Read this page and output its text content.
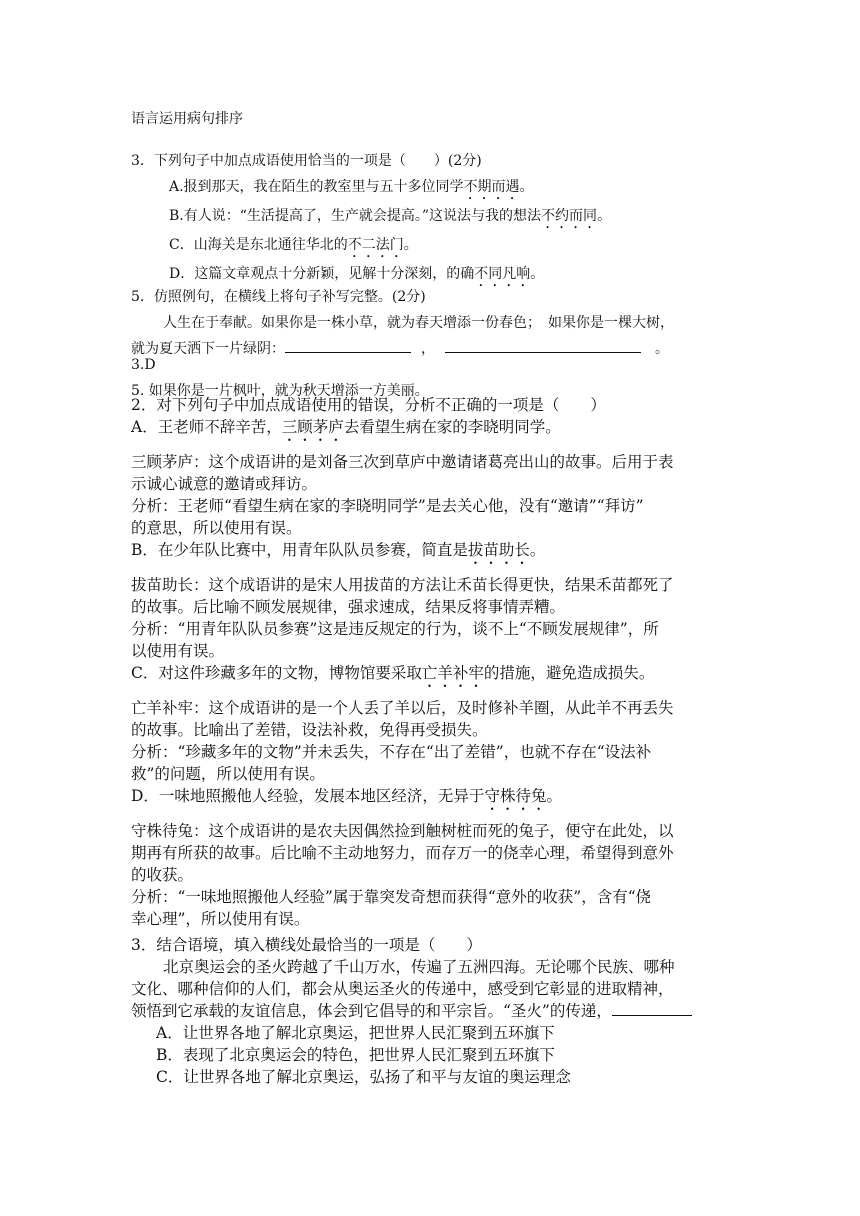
语言运用病句排序
3．下列句子中加点成语使用恰当的一项是（　　）(2分)
A.报到那天，我在陌生的教室里与五十多位同学不期而遇。
B.有人说：“生活提高了，生产就会提高。”这说法与我的想法不约而同。
C．山海关是东北通往华北的不二法门。
D．这篇文章观点十分新颖，见解十分深刻，的确不同凡响。
5．仿照例句，在横线上将句子补写完整。(2分)
人生在于奉献。如果你是一株小草，就为春天增添一份春色；　如果你是一棵大树，
就为夏天洒下一片绿阴：	，	。
3.D
5. 如果你是一片枫叶，就为秋天增添一方美丽。
2．对下列句子中加点成语使用的错误，分析不正确的一项是（　　）
A．王老师不辞辛苦，三顾茅庐去看望生病在家的李晓明同学。
三顾茅庐：这个成语讲的是刘备三次到草庐中邀请诸葛亮出山的故事。后用于表
示诚心诚意的邀请或拜访。
分析：王老师“看望生病在家的李晓明同学”是去关心他，没有“邀请”“拜访”
的意思，所以使用有误。
B．在少年队比赛中，用青年队队员参赛，简直是拔苗助长。
拔苗助长：这个成语讲的是宋人用拔苗的方法让禾苗长得更快，结果禾苗都死了
的故事。后比喻不顾发展规律，强求速成，结果反将事情弄糟。
分析：“用青年队队员参赛”这是违反规定的行为，谈不上“不顾发展规律”，所
以使用有误。
C．对这件珍藏多年的文物，博物馆要采取亡羊补牢的措施，避免造成损失。
亡羊补牢：这个成语讲的是一个人丢了羊以后，及时修补羊圈，从此羊不再丢失
的故事。比喻出了差错，设法补救，免得再受损失。
分析：“珍藏多年的文物”并未丢失，不存在“出了差错”，也就不存在“设法补
救”的问题，所以使用有误。
D．一味地照搬他人经验，发展本地区经济，无异于守株待兔。
守株待兔：这个成语讲的是农夫因偶然捡到触树桩而死的兔子，便守在此处，以
期再有所获的故事。后比喻不主动地努力，而存万一的侥幸心理，希望得到意外
的收获。
分析：“一味地照搬他人经验”属于靠突发奇想而获得“意外的收获”，含有“侥
幸心理”，所以使用有误。
3．结合语境，填入横线处最恰当的一项是（　　）
北京奥运会的圣火跨越了千山万水，传遍了五洲四海。无论哪个民族、哪种
文化、哪种信仰的人们，都会从奥运圣火的传递中，感受到它彰显的进取精神，
领悟到它承载的友谊信息，体会到它倡导的和平宗旨。“圣火”的传递，
A．让世界各地了解北京奥运，把世界人民汇聚到五环旗下
B．表现了北京奥运会的特色，把世界人民汇聚到五环旗下
C．让世界各地了解北京奥运，弘扬了和平与友谊的奥运理念
